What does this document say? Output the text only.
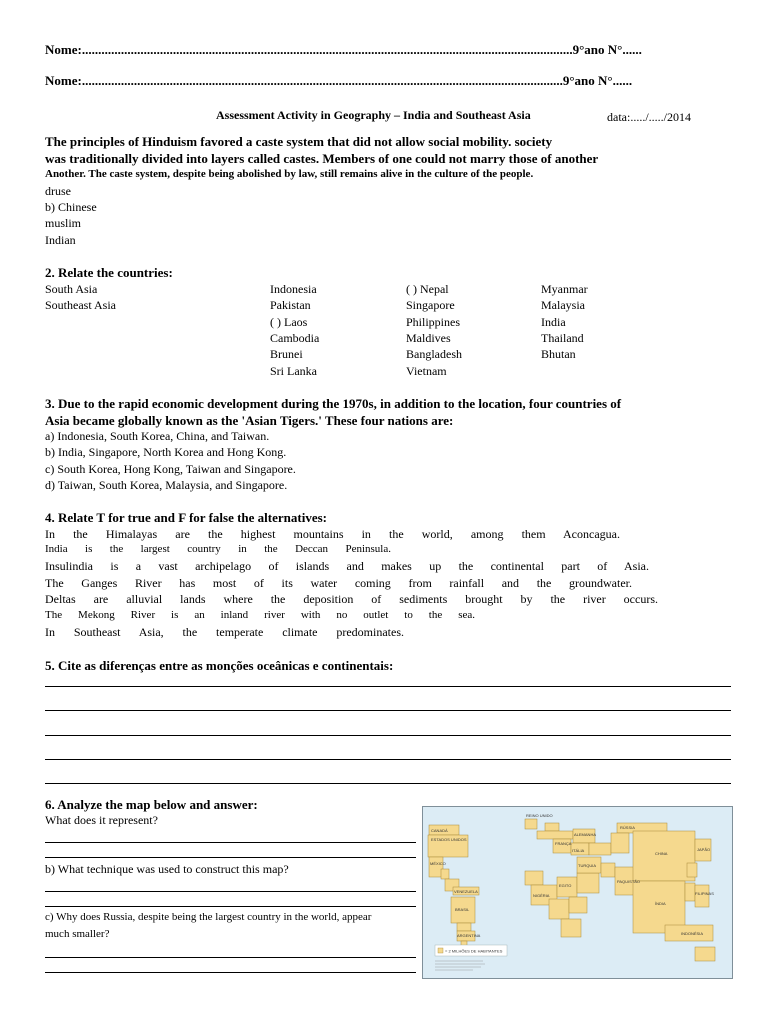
Nome:.......................................................................................................................................................9°ano N°......
Nome:....................................................................................................................................................9°ano N°......
Assessment Activity in Geography – India and Southeast Asia	data:...../...../2014
The principles of Hinduism favored a caste system that did not allow social mobility. society
was traditionally divided into layers called castes. Members of one could not marry those of another
Another. The caste system, despite being abolished by law, still remains alive in the culture of the people.
druse
b) Chinese
muslim
Indian
2. Relate the countries:
South Asia
Southeast Asia
Indonesia
Pakistan
( ) Laos
Cambodia
Brunei
Sri Lanka
( ) Nepal
Singapore
Philippines
Maldives
Bangladesh
Vietnam
Myanmar
Malaysia
India
Thailand
Bhutan
3. Due to the rapid economic development during the 1970s, in addition to the location, four countries of
Asia became globally known as the 'Asian Tigers.' These four nations are:
a) Indonesia, South Korea, China, and Taiwan.
b) India, Singapore, North Korea and Hong Kong.
c) South Korea, Hong Kong, Taiwan and Singapore.
d) Taiwan, South Korea, Malaysia, and Singapore.
4. Relate T for true and F for false the alternatives:
In the Himalayas are the highest mountains in the world, among them Aconcagua.
India is the largest country in the Deccan Peninsula.
Insulindia is a vast archipelago of islands and makes up the continental part of Asia.
The Ganges River has most of its water coming from rainfall and the groundwater.
Deltas are alluvial lands where the deposition of sediments brought by the river occurs.
The Mekong River is an inland river with no outlet to the sea.
In Southeast Asia, the temperate climate predominates.
5. Cite as diferenças entre as monções oceânicas e continentais:
6. Analyze the map below and answer:
What does it represent?
b) What technique was used to construct this map?
c) Why does Russia, despite being the largest country in the world, appear
much smaller?
CANADÁ
ESTADOS UNIDOS
MÉXICO
VENEZUELA
BRASIL
ARGENTINA
REINO UNIDO
RÚSSIA
FRANÇA
ALEMANHA
ITÁLIA
TURQUIA
EGITO
NIGÉRIA
PAQUISTÃO
CHINA
JAPÃO
ÍNDIA
FILIPINAS
INDONÉSIA
= 2 MILHÕES DE HABITANTES
